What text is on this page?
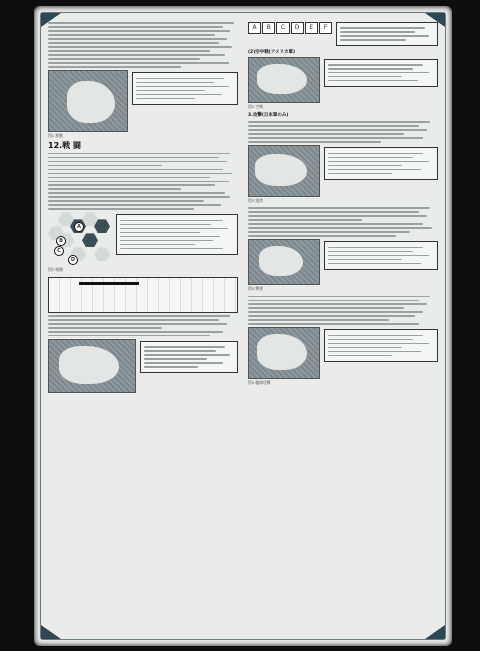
図1 移動
12.戦 闘
A
B
C
D
図2 戦闘
A	B	C	D	E	F
(2)空中戦(アメリカ軍)
図2 空戦
3.攻撃(日本軍のみ)
図3 港湾
図3 撃墜
図3 艦隊攻撃
